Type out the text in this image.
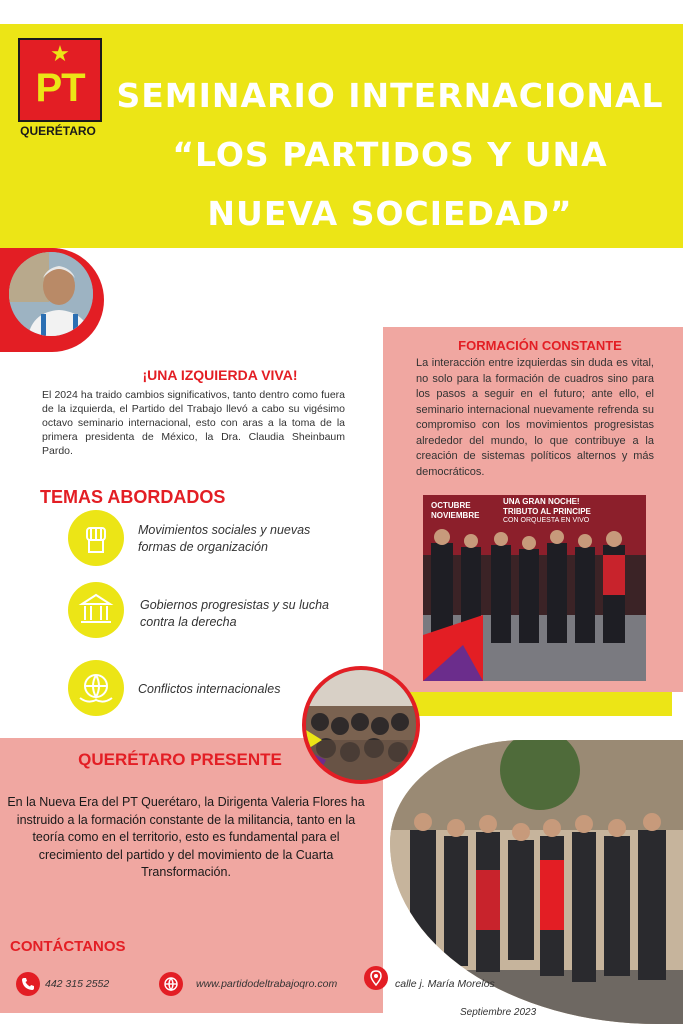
★
PT
QUERÉTARO
SEMINARIO INTERNACIONAL
“LOS PARTIDOS Y UNA
NUEVA SOCIEDAD”
FORMACIÓN CONSTANTE
La interacción entre izquierdas sin duda es vital, no solo para la formación de cuadros sino para los pasos a seguir en el futuro; ante ello, el seminario internacional nuevamente refrenda su compromiso con los movimientos progresistas alrededor del mundo, lo que contribuye a la creación de sistemas políticos alternos y más democráticos.
¡UNA IZQUIERDA VIVA!
El 2024 ha traido cambios significativos, tanto dentro como fuera de la izquierda, el Partido del Trabajo llevó a cabo su vigésimo octavo seminario internacional, esto con aras a la toma de la primera presidenta de México, la Dra. Claudia Sheinbaum Pardo.
TEMAS ABORDADOS
Movimientos sociales y nuevas formas de organización
Gobiernos progresistas y su lucha contra la derecha
Conflictos internacionales
OCTUBRE
NOVIEMBRE
UNA GRAN NOCHE!
TRIBUTO AL PRINCIPE
CON ORQUESTA EN VIVO
QUERÉTARO PRESENTE
En la Nueva Era del PT Querétaro, la Dirigenta Valeria Flores ha instruido a la formación constante de la militancia, tanto en la teoría como en el territorio, esto es fundamental para el crecimiento del partido y del movimiento de la Cuarta Transformación.
CONTÁCTANOS
442 315 2552	www.partidodeltrabajoqro.com	calle j. María Morelos
Septiembre 2023
